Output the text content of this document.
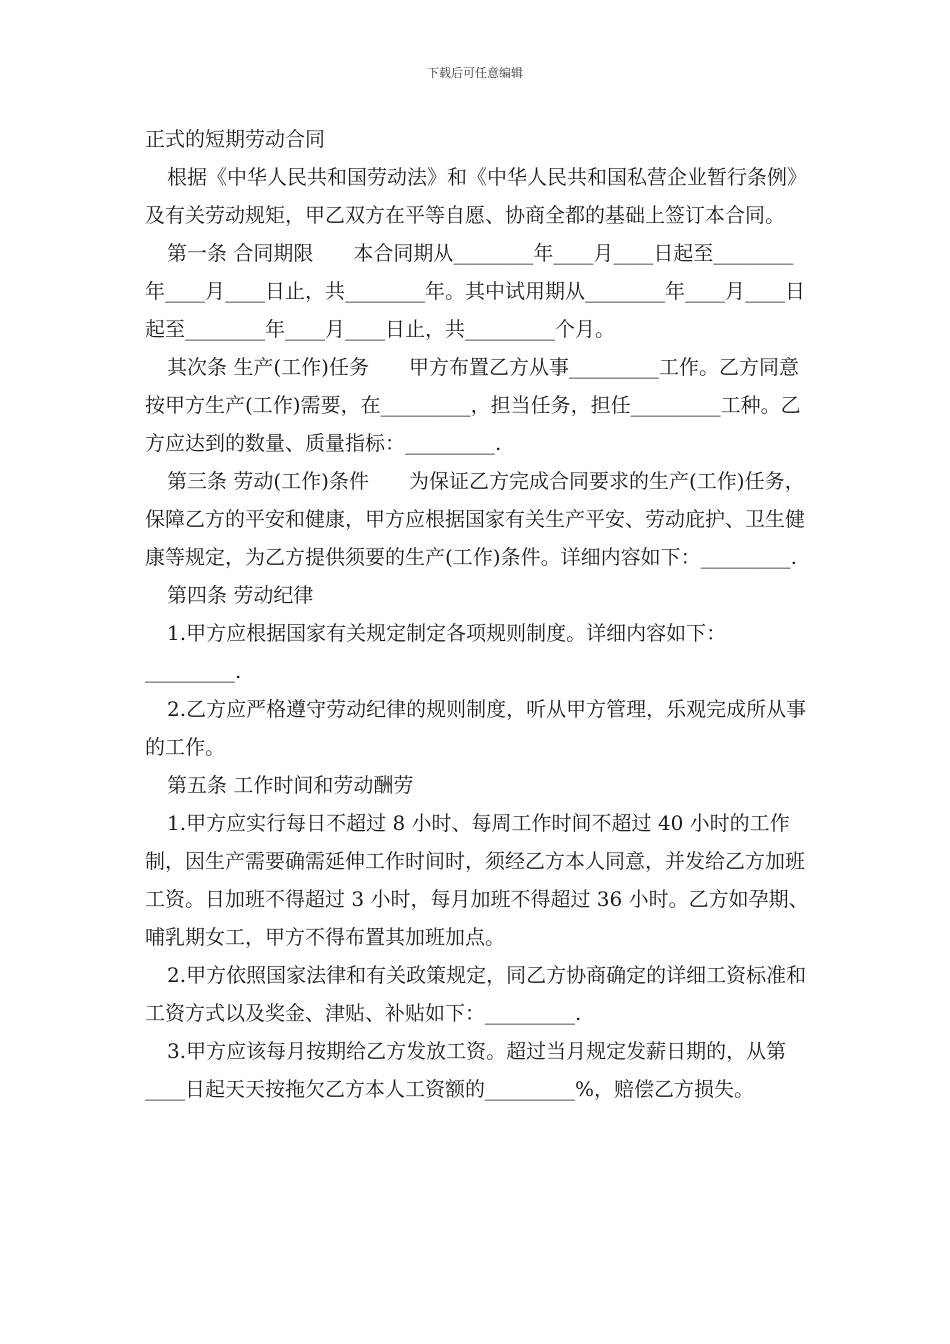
下载后可任意编辑

正式的短期劳动合同

根据《中华人民共和国劳动法》和《中华人民共和国私营企业暂行条例》及有关劳动规矩，甲乙双方在平等自愿、协商全都的基础上签订本合同。

第一条 合同期限　　本合同期从________年____月____日起至________年____月____日止，共________年。其中试用期从________年____月____日起至________年____月____日止，共_________个月。

其次条 生产(工作)任务　　甲方布置乙方从事_________工作。乙方同意按甲方生产(工作)需要，在_________，担当任务，担任_________工种。乙方应达到的数量、质量指标：_________.

第三条 劳动(工作)条件　　为保证乙方完成合同要求的生产(工作)任务，保障乙方的平安和健康，甲方应根据国家有关生产平安、劳动庇护、卫生健康等规定，为乙方提供须要的生产(工作)条件。详细内容如下：_________.

第四条 劳动纪律

1.甲方应根据国家有关规定制定各项规则制度。详细内容如下：_________.

2.乙方应严格遵守劳动纪律的规则制度，听从甲方管理，乐观完成所从事的工作。

第五条 工作时间和劳动酬劳

1.甲方应实行每日不超过 8 小时、每周工作时间不超过 40 小时的工作制，因生产需要确需延伸工作时间时，须经乙方本人同意，并发给乙方加班工资。日加班不得超过 3 小时，每月加班不得超过 36 小时。乙方如孕期、哺乳期女工，甲方不得布置其加班加点。

2.甲方依照国家法律和有关政策规定，同乙方协商确定的详细工资标准和工资方式以及奖金、津贴、补贴如下：_________.

3.甲方应该每月按期给乙方发放工资。超过当月规定发薪日期的，从第____日起天天按拖欠乙方本人工资额的_________%，赔偿乙方损失。
